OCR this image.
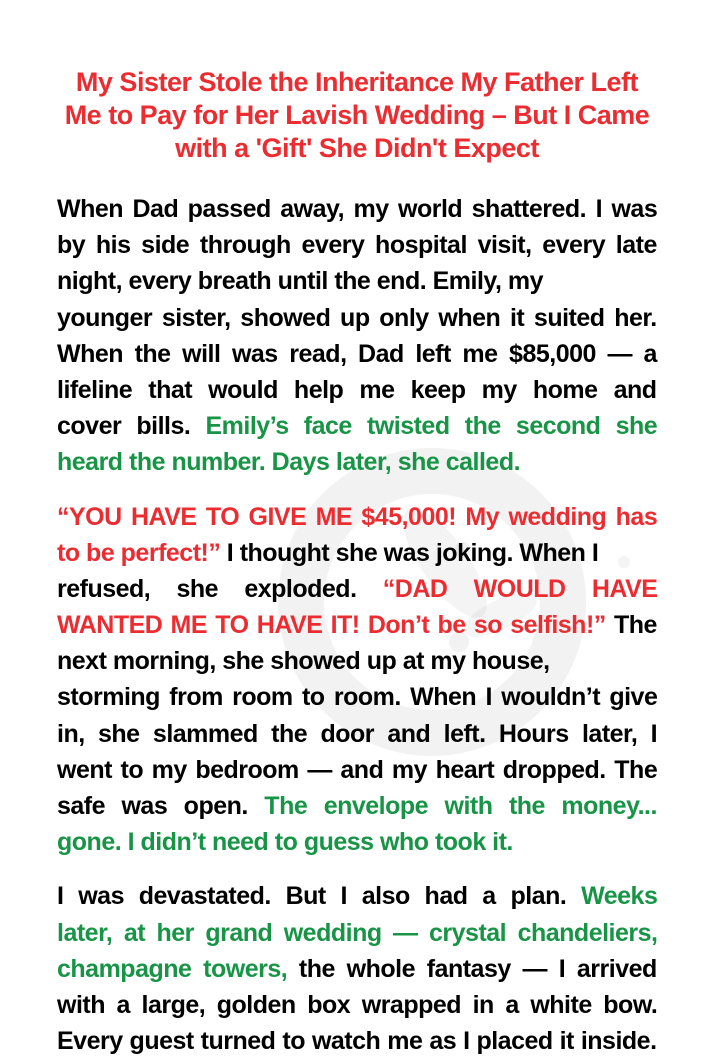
My Sister Stole the Inheritance My Father Left
Me to Pay for Her Lavish Wedding – But I Came
with a 'Gift' She Didn't Expect
When Dad passed away, my world shattered. I was
by his side through every hospital visit, every late
night, every breath until the end. Emily, my
younger sister, showed up only when it suited her.
When the will was read, Dad left me $85,000 — a
lifeline that would help me keep my home and
cover bills. Emily’s face twisted the second she
heard the number. Days later, she called.
“YOU HAVE TO GIVE ME $45,000! My wedding has
to be perfect!” I thought she was joking. When I
refused, she exploded. “DAD WOULD HAVE
WANTED ME TO HAVE IT! Don’t be so selfish!” The
next morning, she showed up at my house,
storming from room to room. When I wouldn’t give
in, she slammed the door and left. Hours later, I
went to my bedroom — and my heart dropped. The
safe was open. The envelope with the money...
gone. I didn’t need to guess who took it.
I was devastated. But I also had a plan. Weeks
later, at her grand wedding — crystal chandeliers,
champagne towers, the whole fantasy — I arrived
with a large, golden box wrapped in a white bow.
Every guest turned to watch me as I placed it inside.
